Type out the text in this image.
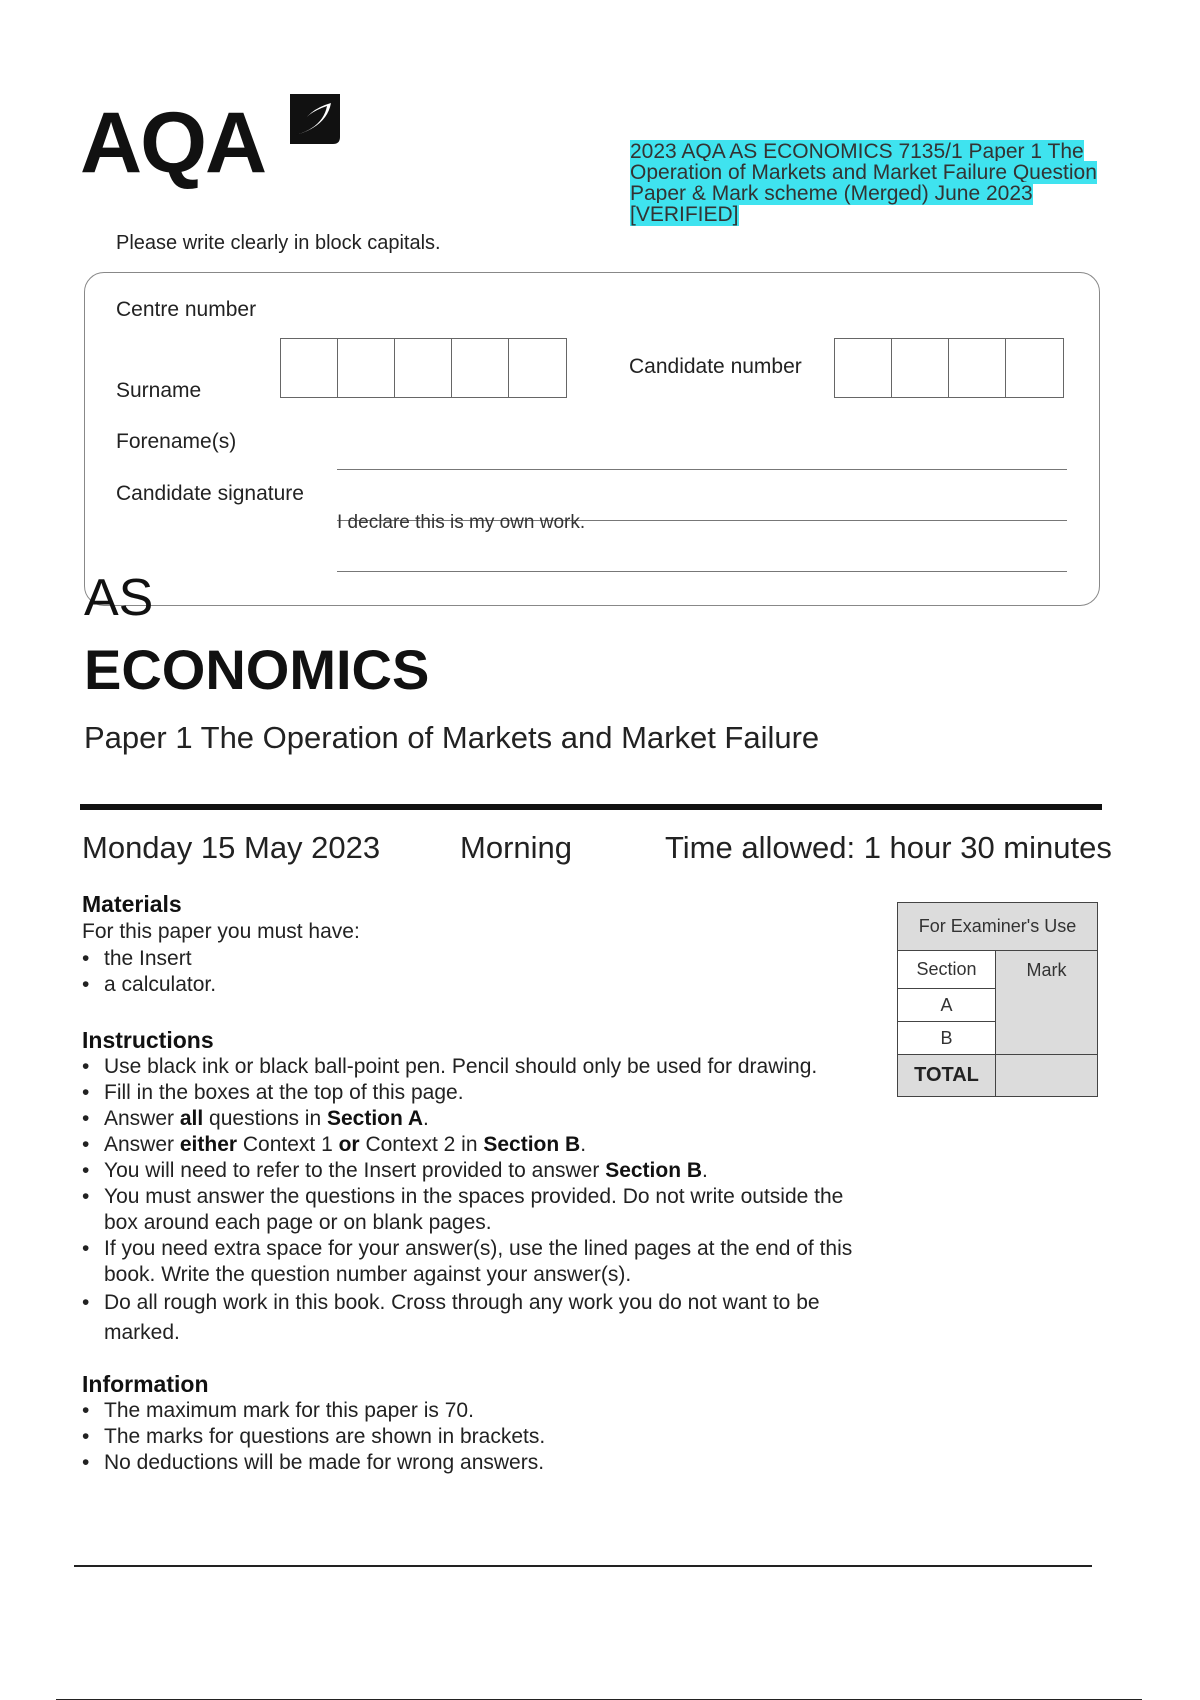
AQA	2023 AQA AS ECONOMICS 7135/1 Paper 1 The Operation of Markets and Market Failure Question Paper & Mark scheme (Merged) June 2023 [VERIFIED]
Please write clearly in block capitals.
Centre number
Candidate number
Surname
Forename(s)
Candidate signature
I declare this is my own work.
AS
ECONOMICS
Paper 1 The Operation of Markets and Market Failure
Monday 15 May 2023	Morning	Time allowed: 1 hour 30 minutes
Materials
For this paper you must have:
• the Insert
• a calculator.
Instructions
• Use black ink or black ball-point pen. Pencil should only be used for drawing.
• Fill in the boxes at the top of this page.
• Answer all questions in Section A.
• Answer either Context 1 or Context 2 in Section B.
• You will need to refer to the Insert provided to answer Section B.
• You must answer the questions in the spaces provided. Do not write outside the box around each page or on blank pages.
• If you need extra space for your answer(s), use the lined pages at the end of this book. Write the question number against your answer(s).
• Do all rough work in this book. Cross through any work you do not want to be marked.
Information
• The maximum mark for this paper is 70.
• The marks for questions are shown in brackets.
• No deductions will be made for wrong answers.
For Examiner's Use	
Section	Mark
A	
B	
TOTAL	
